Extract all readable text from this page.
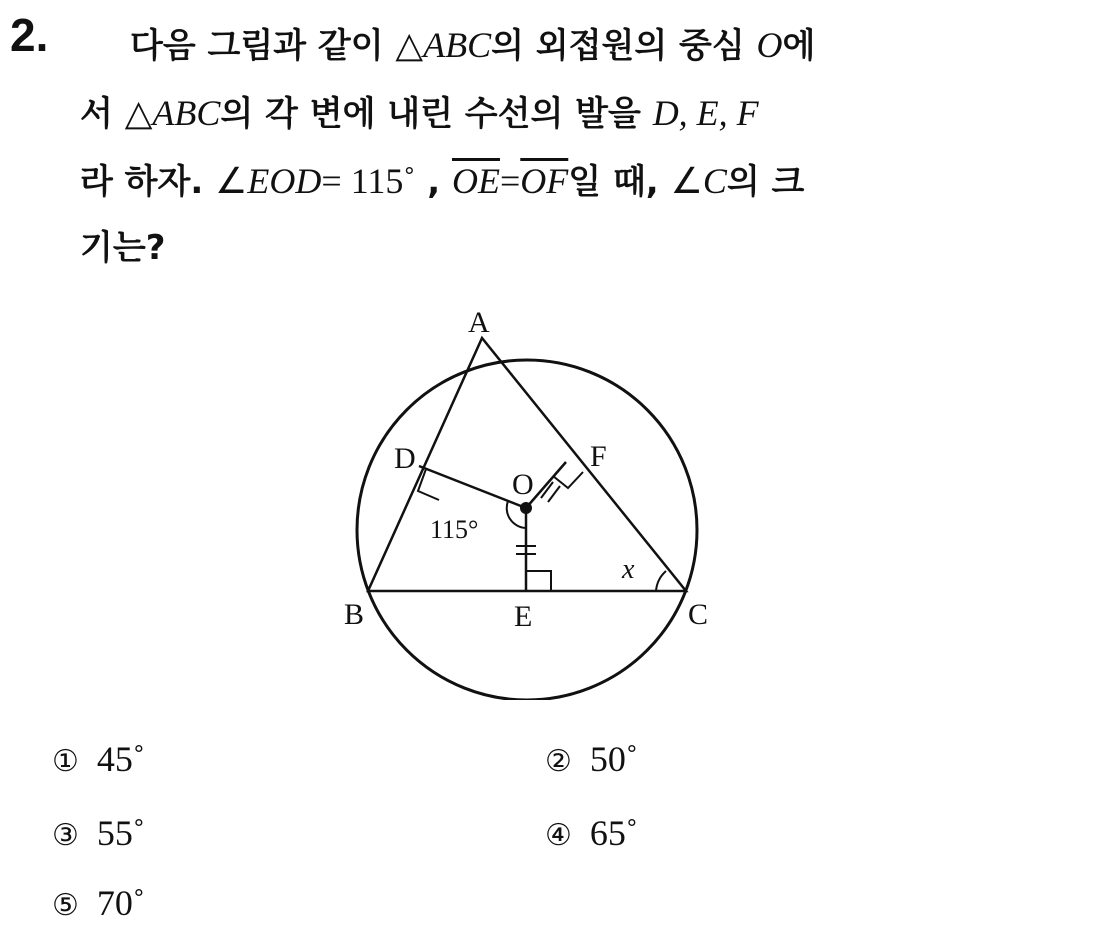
2. 다음 그림과 같이 △ABC의 외접원의 중심 O에
서 △ABC의 각 변에 내린 수선의 발을 D, E, F
라 하자. ∠EOD= 115˚ , $\overline{OE}=\overline{OF}$일 때, ∠C의 크
기는?
A
B	C
D
E
F
O
115°
x
① 45˚	② 50˚
③ 55˚	④ 65˚
⑤ 70˚
